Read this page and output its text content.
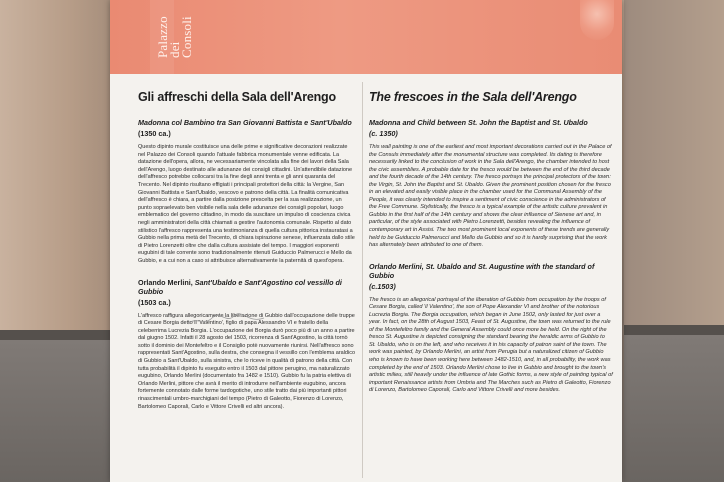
Palazzo
dei
Consoli
Gli affreschi della Sala dell'Arengo
Madonna col Bambino tra San Giovanni Battista e Sant'Ubaldo
(1350 ca.)

Questo dipinto murale costituisce una delle prime e significative decorazioni realizzate nel Palazzo dei Consoli quando l'attuale fabbrica monumentale venne edificata. La datazione dell'opera, allora, ne vecessariamente vincolata alla fine dei lavori della Sala dell'Arengo, luogo destinato alle adunanze dei consigli cittadini. Un'attendibile datazione dell'affresco potrebbe collocarsi tra la fine degli anni trenta e gli anni quaranta del Trecento. Nel dipinto risultano effigiati i principali protettori della città: la Vergine, San Giovanni Battista e Sant'Ubaldo, vescovo e patrono della città. La finalità comunicativa dell'affresco è chiara, a partire dalla posizione prescelta per la sua realizzazione, un punto sopraelevato ben visibile nella sala delle adunanze dei consigli popolari, luogo emblematico del governo cittadino, in modo da suscitare un impulso di coscienza civica negli amministratori della città chiamati a gestire l'autonomia comunale. Rispetto al dato stilistico l'affresco rappresenta una testimonianza di quella cultura pittorica instauratasi a Gubbio nella prima metà del Trecento, di chiara ispirazione senese, influenzata dallo stile di Pietro Lorenzetti oltre che dalla cultura assisiate del tempo. I maggiori esponenti eugubini di tale corrente sono tradizionalmente ritenuti Guiduccio Palmerucci e Mello da Gubbio, e a cui non a caso si attribuisce alternativamente la paternità di quest'opera.

Orlando Merlini, Sant'Ubaldo e Sant'Agostino col vessillo di Gubbio
(1503 ca.)

L'affresco raffigura allegoricamente la liberazione di Gubbio dall'occupazione delle truppe di Cesare Borgia detto il 'Valentino', figlio di papa Alessandro VI e fratello della celeberrima Lucrezia Borgia. L'occupazione dei Borgia durò poco più di un anno a partire dal giugno 1502. Infatti il 28 agosto del 1503, ricorrenza di Sant'Agostino, la città tornò sotto il dominio dei Montefeltro e il Consiglio potè nuovamente riunirsi. Nell'affresco sono rappresentati Sant'Agostino, sulla destra, che consegna il vessillo con l'emblema araldico di Gubbio a Sant'Ubaldo, sulla sinistra, che lo riceve in qualità di patrono della città. Con tutta probabilità il dipinto fu eseguito entro il 1503 dal pittore perugino, ma naturalizzato eugubino, Orlando Merlini (documentato fra 1482 e 1510). Gubbio fu la patria elettiva di Orlando Merlini, pittore che avrà il merito di introdurre nell'ambiente eugubino, ancora fortemente connotato dalle forme tardogotiche, uno stile tratto dai più importanti pittori rinascimentali umbro-marchigiani del tempo (Pietro di Galeotto, Fiorenzo di Lorenzo, Bartolomeo Caporali, Carlo e Vittore Crivelli ed altri ancora).

The frescoes in the Sala dell'Arengo
Madonna and Child between St. John the Baptist and St. Ubaldo
(c. 1350)

This wall painting is one of the earliest and most important decorations carried out in the Palace of the Consuls immediately after the monumental structure was completed. Its dating is therefore necessarily linked to the conclusion of work in the Sala dell'Arengo, the chamber intended to host the civic assemblies. A probable date for the fresco would be between the end of the third decade and the fourth decade of the 14th century. The fresco portrays the principal protectors of the town: the Virgin, St. John the Baptist and St. Ubaldo. Given the prominent position chosen for the fresco in an elevated and easily visible place in the chamber used for the Communal Assembly of the People, it was clearly intended to inspire a sentiment of civic conscience in the administrators of the Free Commune. Stylistically, the fresco is a typical example of the artistic culture prevalent in Gubbio in the first half of the 14th century and shows the clear influence of Sienese art and, in particular, of the style associated with Pietro Lorenzetti, besides revealing the influence of contemporary art in Assisi. The two most prominent local exponents of these trends are generally held to be Guiduccio Palmerucci and Mello da Gubbio and so it is hardly surprising that the work has alternately been attributed to one of them.

Orlando Merlini, St. Ubaldo and St. Augustine with the standard of Gubbio
(c.1503)

The fresco is an allegorical portrayal of the liberation of Gubbio from occupation by the troops of Cesare Borgia, called 'il Valentino', the son of Pope Alexander VI and brother of the notorious Lucrezia Borgia. The Borgia occupation, which began in June 1502, only lasted for just over a year. In fact, on the 28th of August 1503, Feast of St. Augustine, the town was returned to the rule of the Montefeltro family and the General Assembly could once more be held. On the right of the fresco St. Augustine is depicted consigning the standard bearing the heraldic arms of Gubbio to St. Ubaldo, who is on the left, and who receives it in his capacity of patron saint of the town. The work was painted, by Orlando Merlini, an artist from Perugia but a naturalized citizen of Gubbio who is known to have been working here between 1482-1510, and, in all probability, the work was completed by the end of 1503. Orlando Merlini chose to live in Gubbio and brought to the town's artistic milieu, still heavily under the influence of late Gothic forms, a new style of painting typical of important Renaissance artists from Umbria and The Marches such as Pietro di Galeotto, Fiorenzo di Lorenzo, Bartolomeo Caporali, Carlo and Vittore Crivelli and more besides.
